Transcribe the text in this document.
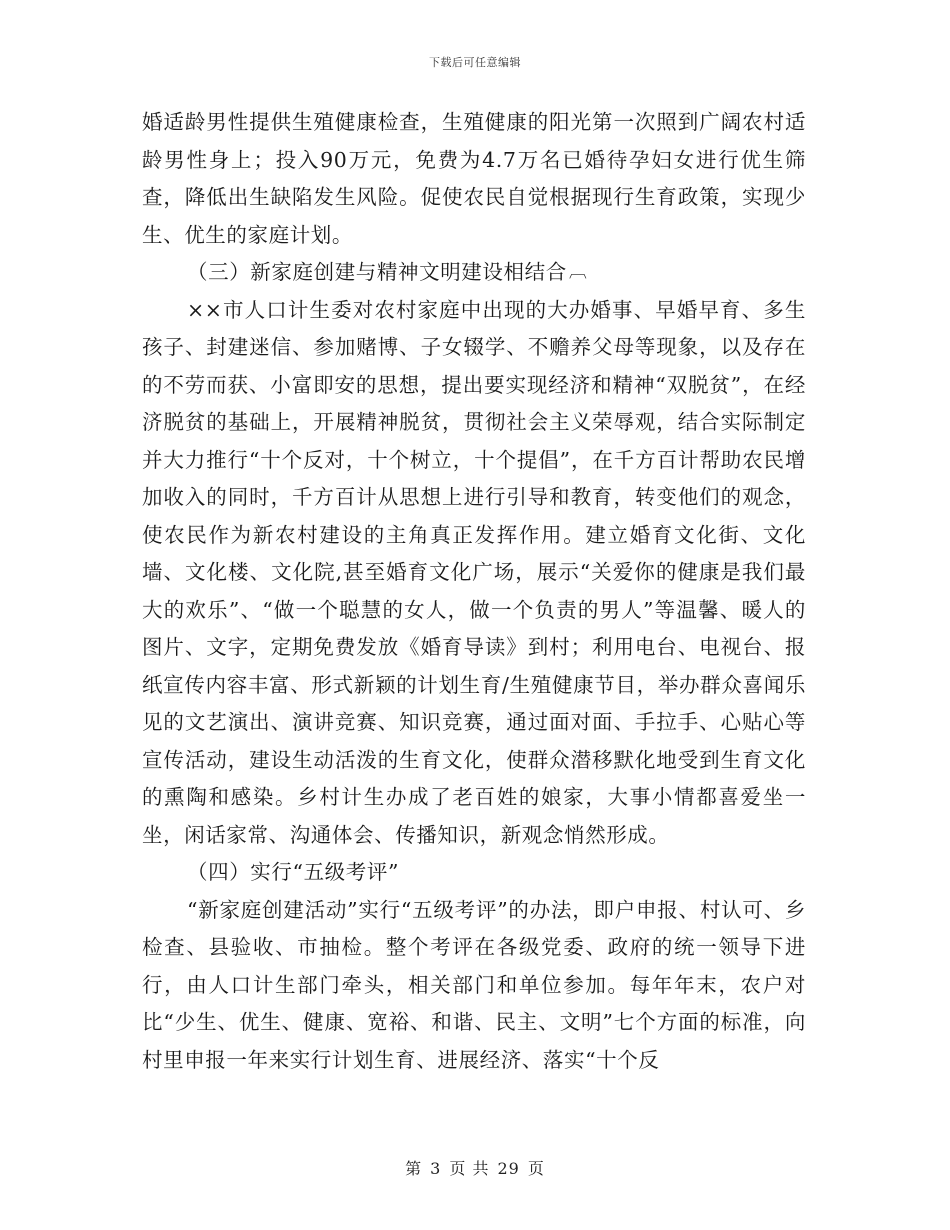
下载后可任意编辑

婚适龄男性提供生殖健康检查，生殖健康的阳光第一次照到广阔农村适龄男性身上；投入90万元，免费为4.7万名已婚待孕妇女进行优生筛查，降低出生缺陷发生风险。促使农民自觉根据现行生育政策，实现少生、优生的家庭计划。

（三）新家庭创建与精神文明建设相结合 ︹

××市人口计生委对农村家庭中出现的大办婚事、早婚早育、多生孩子、封建迷信、参加赌博、子女辍学、不赡养父母等现象，以及存在的不劳而获、小富即安的思想，提出要实现经济和精神“双脱贫”，在经济脱贫的基础上，开展精神脱贫，贯彻社会主义荣辱观，结合实际制定并大力推行“十个反对，十个树立，十个提倡”，在千方百计帮助农民增加收入的同时，千方百计从思想上进行引导和教育，转变他们的观念，使农民作为新农村建设的主角真正发挥作用。建立婚育文化街、文化墙、文化楼、文化院,甚至婚育文化广场，展示“关爱你的健康是我们最大的欢乐”、“做一个聪慧的女人，做一个负责的男人”等温馨、暖人的图片、文字，定期免费发放《婚育导读》到村；利用电台、电视台、报纸宣传内容丰富、形式新颖的计划生育/生殖健康节目，举办群众喜闻乐见的文艺演出、演讲竞赛、知识竞赛，通过面对面、手拉手、心贴心等宣传活动，建设生动活泼的生育文化，使群众潜移默化地受到生育文化的熏陶和感染。乡村计生办成了老百姓的娘家，大事小情都喜爱坐一坐，闲话家常、沟通体会、传播知识，新观念悄然形成。

（四）实行“五级考评”

“新家庭创建活动”实行“五级考评”的办法，即户申报、村认可、乡检查、县验收、市抽检。整个考评在各级党委、政府的统一领导下进行，由人口计生部门牵头，相关部门和单位参加。每年年末，农户对比“少生、优生、健康、宽裕、和谐、民主、文明”七个方面的标准，向村里申报一年来实行计划生育、进展经济、落实“十个反

第 3 页 共 29 页
